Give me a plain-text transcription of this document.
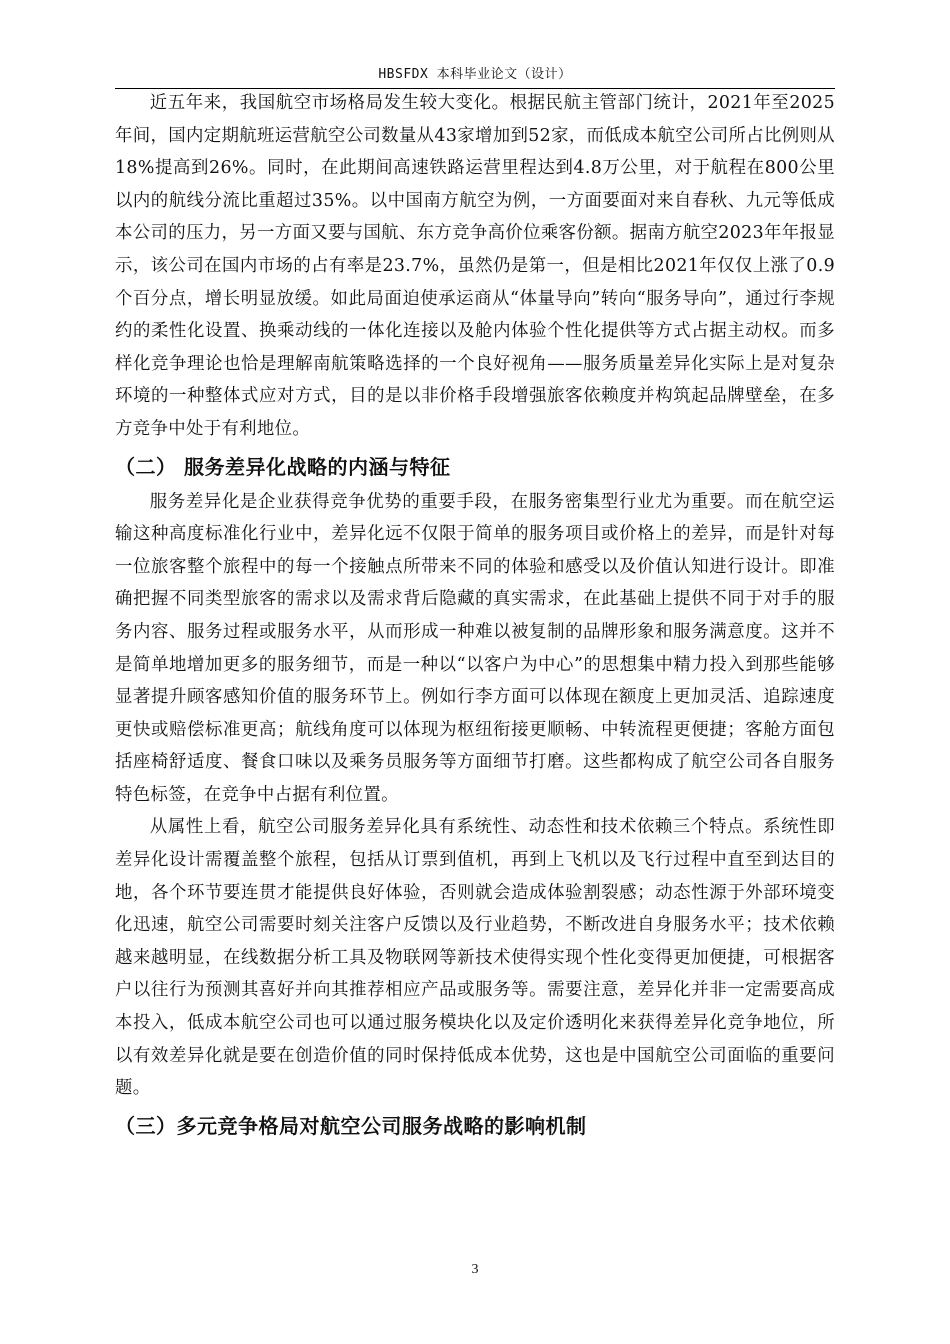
HBSFDX 本科毕业论文（设计）

近五年来，我国航空市场格局发生较大变化。根据民航主管部门统计，2021年至2025年间，国内定期航班运营航空公司数量从43家增加到52家，而低成本航空公司所占比例则从18%提高到26%。同时，在此期间高速铁路运营里程达到4.8万公里，对于航程在800公里以内的航线分流比重超过35%。以中国南方航空为例，一方面要面对来自春秋、九元等低成本公司的压力，另一方面又要与国航、东方竞争高价位乘客份额。据南方航空2023年年报显示，该公司在国内市场的占有率是23.7%，虽然仍是第一，但是相比2021年仅仅上涨了0.9个百分点，增长明显放缓。如此局面迫使承运商从“体量导向”转向“服务导向”，通过行李规约的柔性化设置、换乘动线的一体化连接以及舱内体验个性化提供等方式占据主动权。而多样化竞争理论也恰是理解南航策略选择的一个良好视角——服务质量差异化实际上是对复杂环境的一种整体式应对方式，目的是以非价格手段增强旅客依赖度并构筑起品牌壁垒，在多方竞争中处于有利地位。

（二） 服务差异化战略的内涵与特征

服务差异化是企业获得竞争优势的重要手段，在服务密集型行业尤为重要。而在航空运输这种高度标准化行业中，差异化远不仅限于简单的服务项目或价格上的差异，而是针对每一位旅客整个旅程中的每一个接触点所带来不同的体验和感受以及价值认知进行设计。即准确把握不同类型旅客的需求以及需求背后隐藏的真实需求，在此基础上提供不同于对手的服务内容、服务过程或服务水平，从而形成一种难以被复制的品牌形象和服务满意度。这并不是简单地增加更多的服务细节，而是一种以“以客户为中心”的思想集中精力投入到那些能够显著提升顾客感知价值的服务环节上。例如行李方面可以体现在额度上更加灵活、追踪速度更快或赔偿标准更高；航线角度可以体现为枢纽衔接更顺畅、中转流程更便捷；客舱方面包括座椅舒适度、餐食口味以及乘务员服务等方面细节打磨。这些都构成了航空公司各自服务特色标签，在竞争中占据有利位置。

从属性上看，航空公司服务差异化具有系统性、动态性和技术依赖三个特点。系统性即差异化设计需覆盖整个旅程，包括从订票到值机，再到上飞机以及飞行过程中直至到达目的地，各个环节要连贯才能提供良好体验，否则就会造成体验割裂感；动态性源于外部环境变化迅速，航空公司需要时刻关注客户反馈以及行业趋势，不断改进自身服务水平；技术依赖越来越明显，在线数据分析工具及物联网等新技术使得实现个性化变得更加便捷，可根据客户以往行为预测其喜好并向其推荐相应产品或服务等。需要注意，差异化并非一定需要高成本投入，低成本航空公司也可以通过服务模块化以及定价透明化来获得差异化竞争地位，所以有效差异化就是要在创造价值的同时保持低成本优势，这也是中国航空公司面临的重要问题。

（三）多元竞争格局对航空公司服务战略的影响机制
3
